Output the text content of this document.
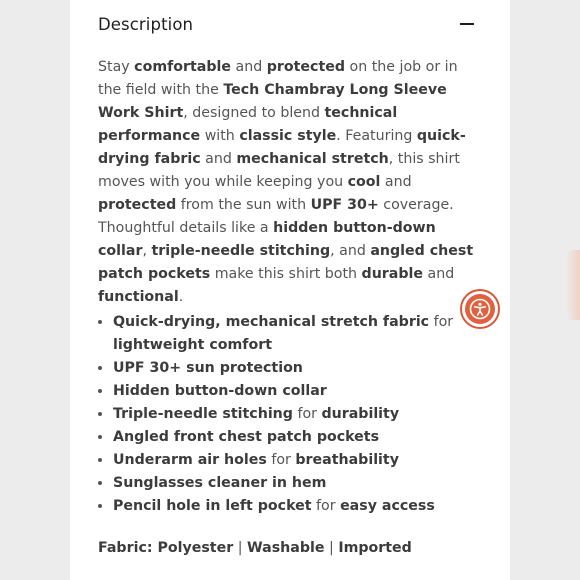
Description

Stay comfortable and protected on the job or in the field with the Tech Chambray Long Sleeve Work Shirt, designed to blend technical performance with classic style. Featuring quick-drying fabric and mechanical stretch, this shirt moves with you while keeping you cool and protected from the sun with UPF 30+ coverage. Thoughtful details like a hidden button-down collar, triple-needle stitching, and angled chest patch pockets make this shirt both durable and functional.

• Quick-drying, mechanical stretch fabric for lightweight comfort
• UPF 30+ sun protection
• Hidden button-down collar
• Triple-needle stitching for durability
• Angled front chest patch pockets
• Underarm air holes for breathability
• Sunglasses cleaner in hem
• Pencil hole in left pocket for easy access

Fabric: Polyester | Washable | Imported
